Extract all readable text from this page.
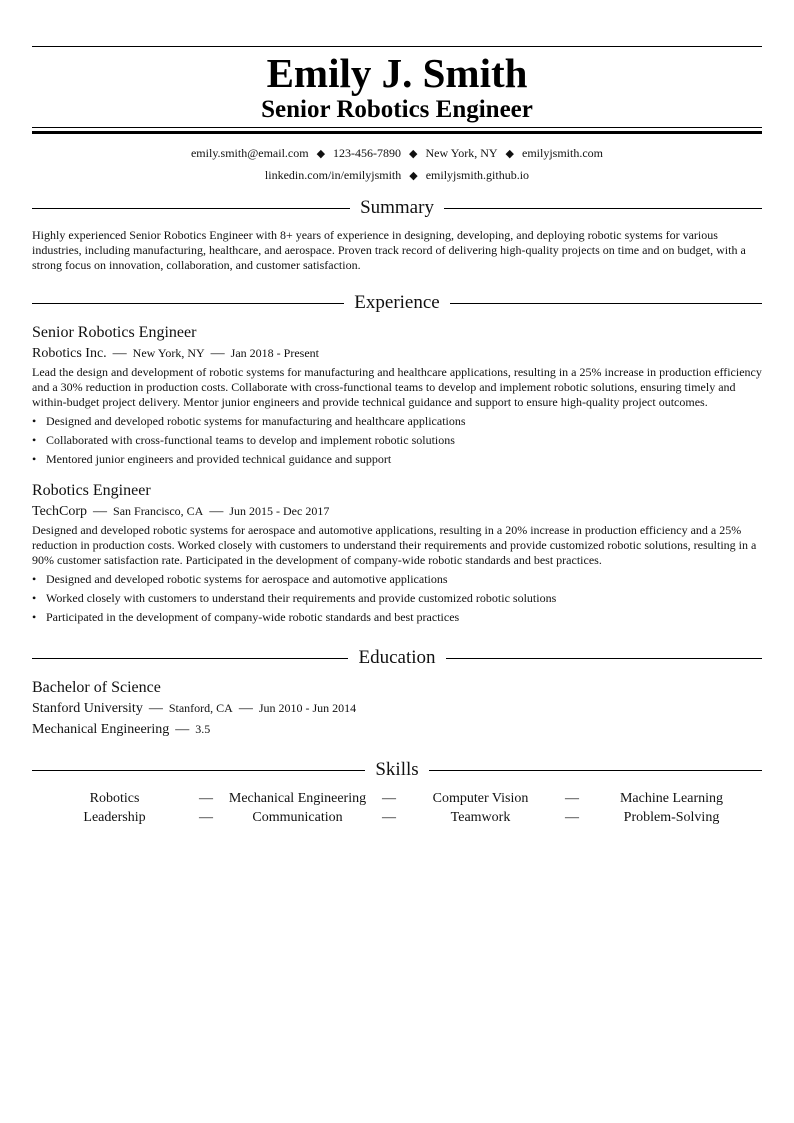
Emily J. Smith
Senior Robotics Engineer
emily.smith@email.com ◆ 123-456-7890 ◆ New York, NY ◆ emilyjsmith.com
linkedin.com/in/emilyjsmith ◆ emilyjsmith.github.io
Summary
Highly experienced Senior Robotics Engineer with 8+ years of experience in designing, developing, and deploying robotic systems for various industries, including manufacturing, healthcare, and aerospace. Proven track record of delivering high-quality projects on time and on budget, with a strong focus on innovation, collaboration, and customer satisfaction.
Experience
Senior Robotics Engineer
Robotics Inc. — New York, NY — Jan 2018 - Present
Lead the design and development of robotic systems for manufacturing and healthcare applications, resulting in a 25% increase in production efficiency and a 30% reduction in production costs. Collaborate with cross-functional teams to develop and implement robotic solutions, ensuring timely and within-budget project delivery. Mentor junior engineers and provide technical guidance and support to ensure high-quality project outcomes.
• Designed and developed robotic systems for manufacturing and healthcare applications
• Collaborated with cross-functional teams to develop and implement robotic solutions
• Mentored junior engineers and provided technical guidance and support
Robotics Engineer
TechCorp — San Francisco, CA — Jun 2015 - Dec 2017
Designed and developed robotic systems for aerospace and automotive applications, resulting in a 20% increase in production efficiency and a 25% reduction in production costs. Worked closely with customers to understand their requirements and provide customized robotic solutions, resulting in a 90% customer satisfaction rate. Participated in the development of company-wide robotic standards and best practices.
• Designed and developed robotic systems for aerospace and automotive applications
• Worked closely with customers to understand their requirements and provide customized robotic solutions
• Participated in the development of company-wide robotic standards and best practices
Education
Bachelor of Science
Stanford University — Stanford, CA — Jun 2010 - Jun 2014
Mechanical Engineering — 3.5
Skills
Robotics	—	Mechanical Engineering	—	Computer Vision	—	Machine Learning
Leadership	—	Communication	—	Teamwork	—	Problem-Solving
